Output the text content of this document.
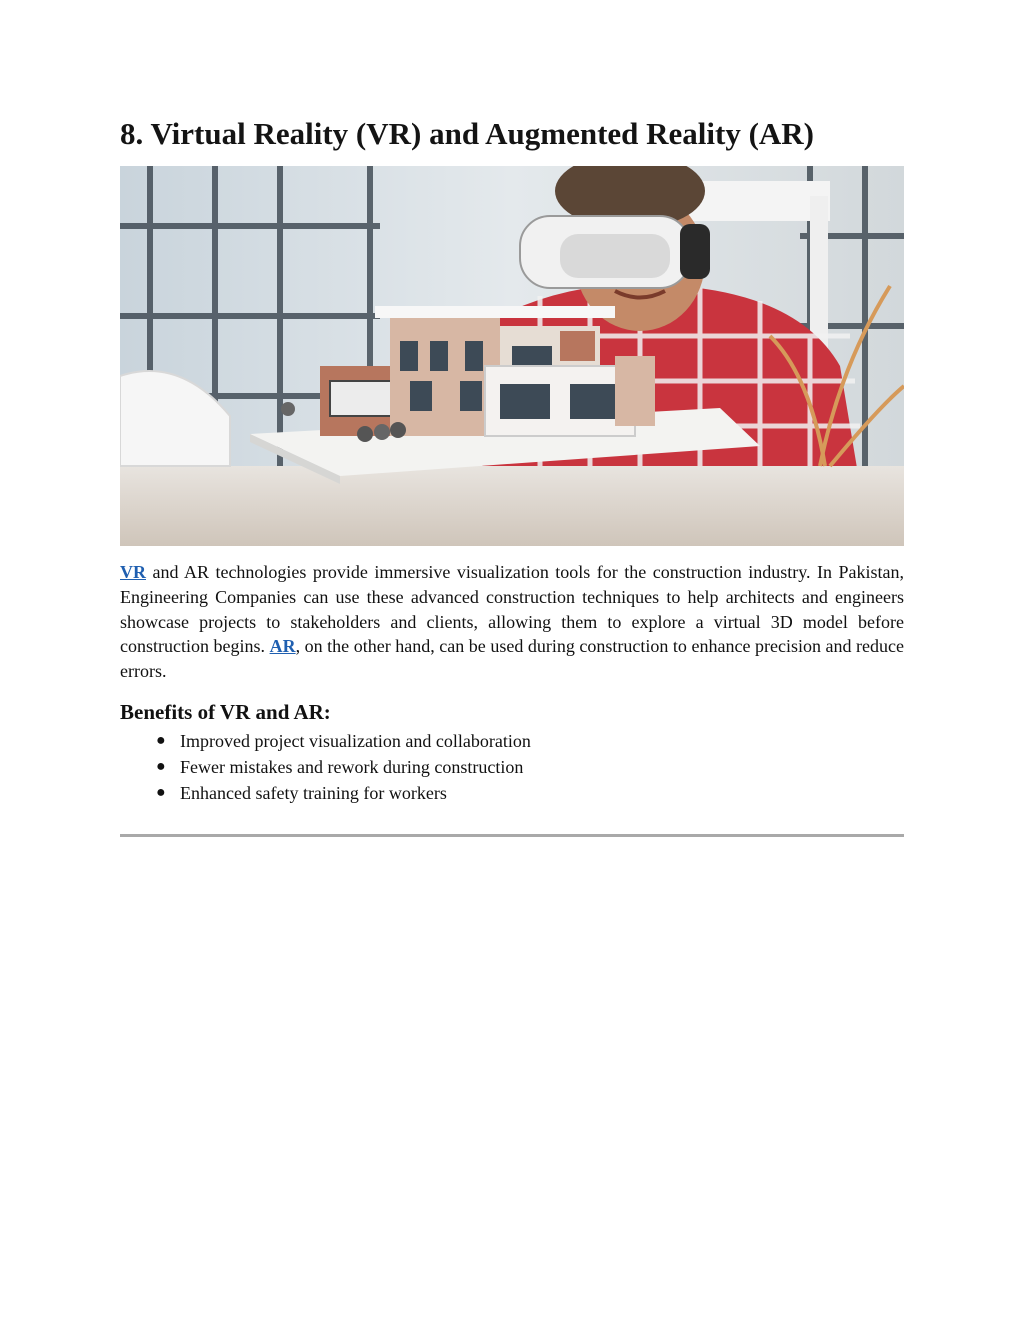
8. Virtual Reality (VR) and Augmented Reality (AR)

VR and AR technologies provide immersive visualization tools for the construction industry. In Pakistan, Engineering Companies can use these advanced construction techniques to help architects and engineers showcase projects to stakeholders and clients, allowing them to explore a virtual 3D model before construction begins. AR, on the other hand, can be used during construction to enhance precision and reduce errors.

Benefits of VR and AR:
● Improved project visualization and collaboration
● Fewer mistakes and rework during construction
● Enhanced safety training for workers
